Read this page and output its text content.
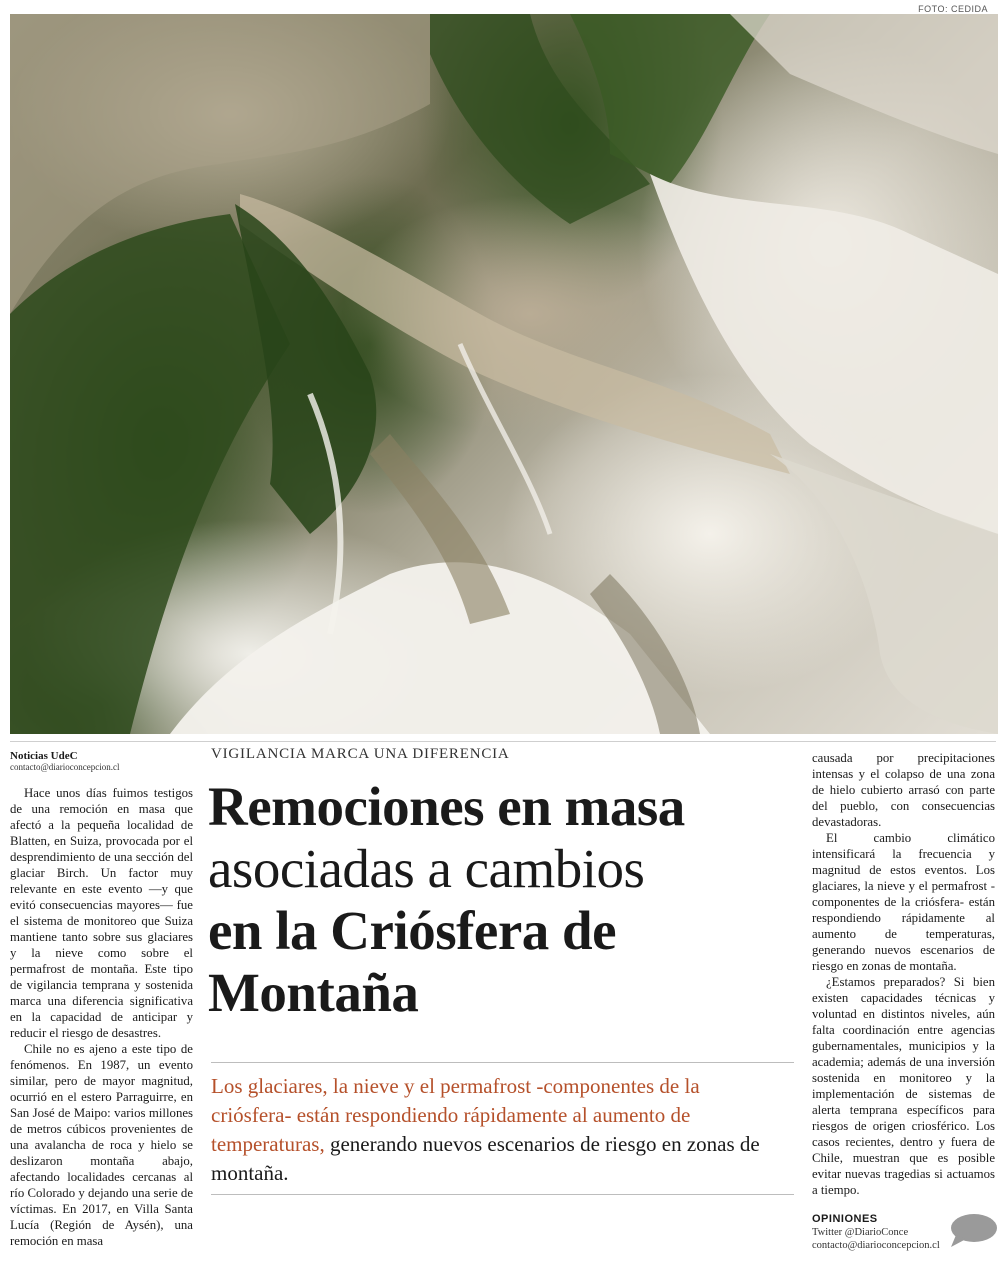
FOTO: CEDIDA
Noticias UdeC
contacto@diarioconcepcion.cl

Hace unos días fuimos testigos de una remoción en masa que afectó a la pequeña localidad de Blatten, en Suiza, provocada por el desprendimiento de una sección del glaciar Birch. Un factor muy relevante en este evento —y que evitó consecuencias mayores— fue el sistema de monitoreo que Suiza mantiene tanto sobre sus glaciares y la nieve como sobre el permafrost de montaña. Este tipo de vigilancia temprana y sostenida marca una diferencia significativa en la capacidad de anticipar y reducir el riesgo de desastres.

Chile no es ajeno a este tipo de fenómenos. En 1987, un evento similar, pero de mayor magnitud, ocurrió en el estero Parraguirre, en San José de Maipo: varios millones de metros cúbicos provenientes de una avalancha de roca y hielo se deslizaron montaña abajo, afectando localidades cercanas al río Colorado y dejando una serie de víctimas. En 2017, en Villa Santa Lucía (Región de Aysén), una remoción en masa

VIGILANCIA MARCA UNA DIFERENCIA
Remociones en masa
asociadas a cambios
en la Criósfera de
Montaña
Los glaciares, la nieve y el permafrost -componentes de la criósfera- están respondiendo rápidamente al aumento de temperaturas, generando nuevos escenarios de riesgo en zonas de montaña.

causada por precipitaciones intensas y el colapso de una zona de hielo cubierto arrasó con parte del pueblo, con consecuencias devastadoras.

El cambio climático intensificará la frecuencia y magnitud de estos eventos. Los glaciares, la nieve y el permafrost -componentes de la criósfera- están respondiendo rápidamente al aumento de temperaturas, generando nuevos escenarios de riesgo en zonas de montaña.

¿Estamos preparados? Si bien existen capacidades técnicas y voluntad en distintos niveles, aún falta coordinación entre agencias gubernamentales, municipios y la academia; además de una inversión sostenida en monitoreo y la implementación de sistemas de alerta temprana específicos para riesgos de origen criosférico. Los casos recientes, dentro y fuera de Chile, muestran que es posible evitar nuevas tragedias si actuamos a tiempo.

OPINIONES
Twitter @DiarioConce
contacto@diarioconcepcion.cl
